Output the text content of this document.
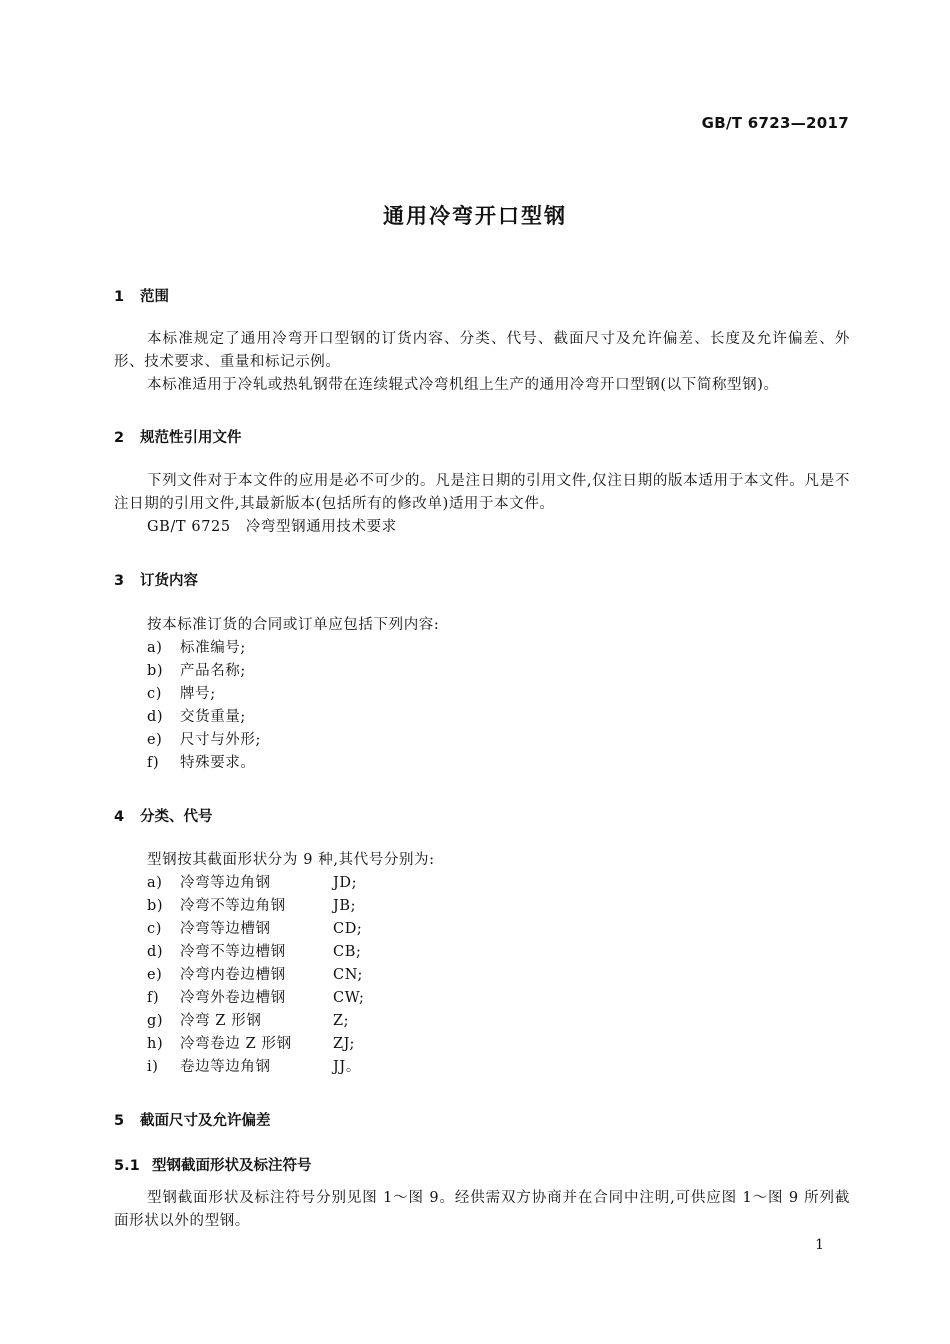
GB/T 6723—2017
通用冷弯开口型钢
1 范围
本标准规定了通用冷弯开口型钢的订货内容、分类、代号、截面尺寸及允许偏差、长度及允许偏差、外形、技术要求、重量和标记示例。
本标准适用于冷轧或热轧钢带在连续辊式冷弯机组上生产的通用冷弯开口型钢(以下简称型钢)。
2 规范性引用文件
下列文件对于本文件的应用是必不可少的。凡是注日期的引用文件,仅注日期的版本适用于本文件。凡是不注日期的引用文件,其最新版本(包括所有的修改单)适用于本文件。
GB/T 6725　冷弯型钢通用技术要求
3 订货内容
按本标准订货的合同或订单应包括下列内容:
a) 标准编号;
b) 产品名称;
c) 牌号;
d) 交货重量;
e) 尺寸与外形;
f) 特殊要求。
4 分类、代号
型钢按其截面形状分为 9 种,其代号分别为:
a) 冷弯等边角钢	JD;
b) 冷弯不等边角钢	JB;
c) 冷弯等边槽钢	CD;
d) 冷弯不等边槽钢	CB;
e) 冷弯内卷边槽钢	CN;
f) 冷弯外卷边槽钢	CW;
g) 冷弯 Z 形钢	Z;
h) 冷弯卷边 Z 形钢	ZJ;
i) 卷边等边角钢	JJ。
5 截面尺寸及允许偏差
5.1 型钢截面形状及标注符号
型钢截面形状及标注符号分别见图 1～图 9。经供需双方协商并在合同中注明,可供应图 1～图 9 所列截面形状以外的型钢。
1
